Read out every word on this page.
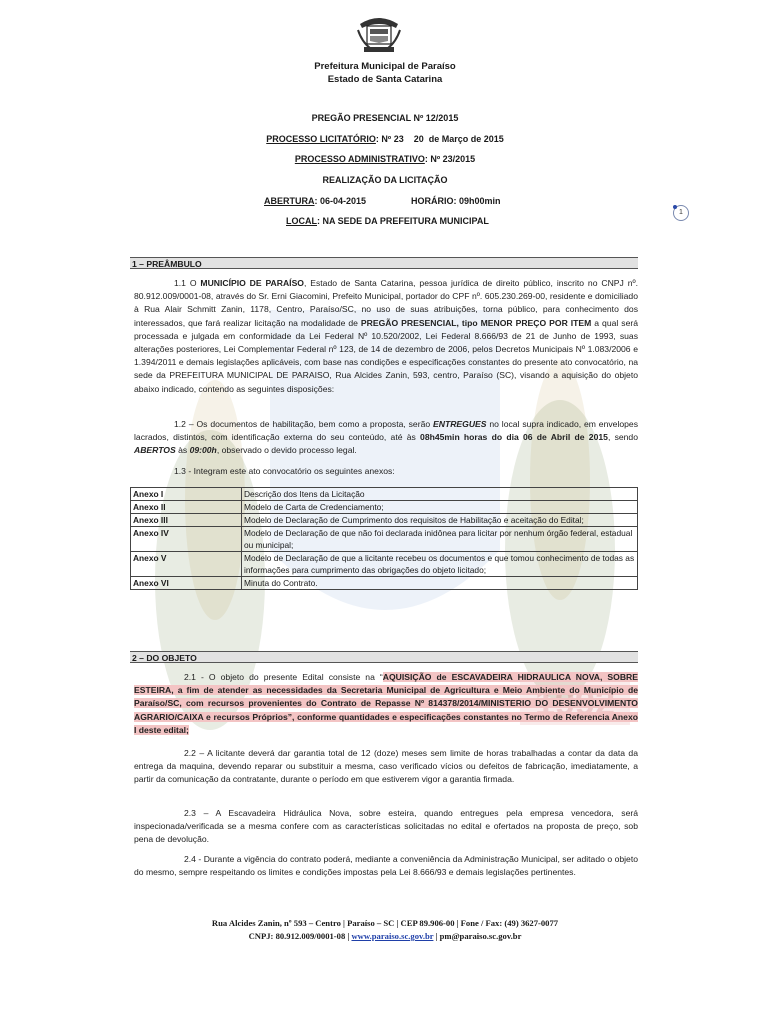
Prefeitura Municipal de Paraíso
Estado de Santa Catarina
PREGÃO PRESENCIAL Nº 12/2015
PROCESSO LICITATÓRIO: Nº 23    20  de Março de 2015
PROCESSO ADMINISTRATIVO: Nº 23/2015
REALIZAÇÃO DA LICITAÇÃO
ABERTURA: 06-04-2015	HORÁRIO: 09h00min
LOCAL: NA SEDE DA PREFEITURA MUNICIPAL
1
1 – PREÂMBULO
1.1 O MUNICÍPIO DE PARAÍSO, Estado de Santa Catarina, pessoa jurídica de direito público, inscrito no CNPJ nº. 80.912.009/0001-08, através do Sr. Erni Giacomini, Prefeito Municipal, portador do CPF nº. 605.230.269-00, residente e domiciliado à Rua Alair Schmitt Zanin, 1178, Centro, Paraíso/SC, no uso de suas atribuições, torna público, para conhecimento dos interessados, que fará realizar licitação na modalidade de PREGÃO PRESENCIAL, tipo MENOR PREÇO POR ITEM a qual será processada e julgada em conformidade da Lei Federal Nº 10.520/2002, Lei Federal 8.666/93 de 21 de Junho de 1993, suas alterações posteriores, Lei Complementar Federal nº 123, de 14 de dezembro de 2006, pelos Decretos Municipais Nº 1.083/2006 e 1.394/2011 e demais legislações aplicáveis, com base nas condições e especificações constantes do presente ato convocatório, na sede da PREFEITURA MUNICIPAL DE PARAISO, Rua Alcides Zanin, 593, centro, Paraíso (SC), visando a aquisição do objeto abaixo indicado, contendo as seguintes disposições:
1.2 – Os documentos de habilitação, bem como a proposta, serão ENTREGUES no local supra indicado, em envelopes lacrados, distintos, com identificação externa do seu conteúdo, até às 08h45min horas do dia 06 de Abril de 2015, sendo ABERTOS às 09:00h, observado o devido processo legal.
1.3 - Integram este ato convocatório os seguintes anexos:
Anexo I	Descrição dos Itens da Licitação
Anexo II	Modelo de Carta de Credenciamento;
Anexo III	Modelo de Declaração de Cumprimento dos requisitos de Habilitação e aceitação do Edital;
Anexo IV	Modelo de Declaração de que não foi declarada inidônea para licitar por nenhum órgão federal, estadual ou municipal;
Anexo V	Modelo de Declaração de que a licitante recebeu os documentos e que tomou conhecimento de todas as informações para cumprimento das obrigações do objeto licitado;
Anexo VI	Minuta do Contrato.
2 – DO OBJETO
2.1 - O objeto do presente Edital consiste na “AQUISIÇÃO de ESCAVADEIRA HIDRAULICA NOVA, SOBRE ESTEIRA, a fim de atender as necessidades da Secretaria Municipal de Agricultura e Meio Ambiente do Município de Paraíso/SC, com recursos provenientes do Contrato de Repasse Nº 814378/2014/MINISTERIO DO DESENVOLVIMENTO AGRARIO/CAIXA e recursos Próprios”, conforme quantidades e especificações constantes no Termo de Referencia Anexo I deste edital;
2.2 – A licitante deverá dar garantia total de 12 (doze) meses sem limite de horas trabalhadas a contar da data da entrega da maquina, devendo reparar ou substituir a mesma, caso verificado vícios ou defeitos de fabricação, imediatamente, a partir da comunicação da contratante, durante o período em que estiverem vigor a garantia firmada.
2.3 – A Escavadeira Hidráulica Nova, sobre esteira, quando entregues pela empresa vencedora, será inspecionada/verificada se a mesma confere com as características solicitadas no edital e ofertados na proposta de preço, sob pena de devolução.
2.4 - Durante a vigência do contrato poderá, mediante a conveniência da Administração Municipal, ser aditado o objeto do mesmo, sempre respeitando os limites e condições impostas pela Lei 8.666/93 e demais legislações pertinentes.
Rua Alcides Zanin, nº 593 – Centro | Paraíso – SC | CEP 89.906-00 | Fone / Fax: (49) 3627-0077
CNPJ: 80.912.009/0001-08 | www.paraiso.sc.gov.br | pm@paraiso.sc.gov.br
